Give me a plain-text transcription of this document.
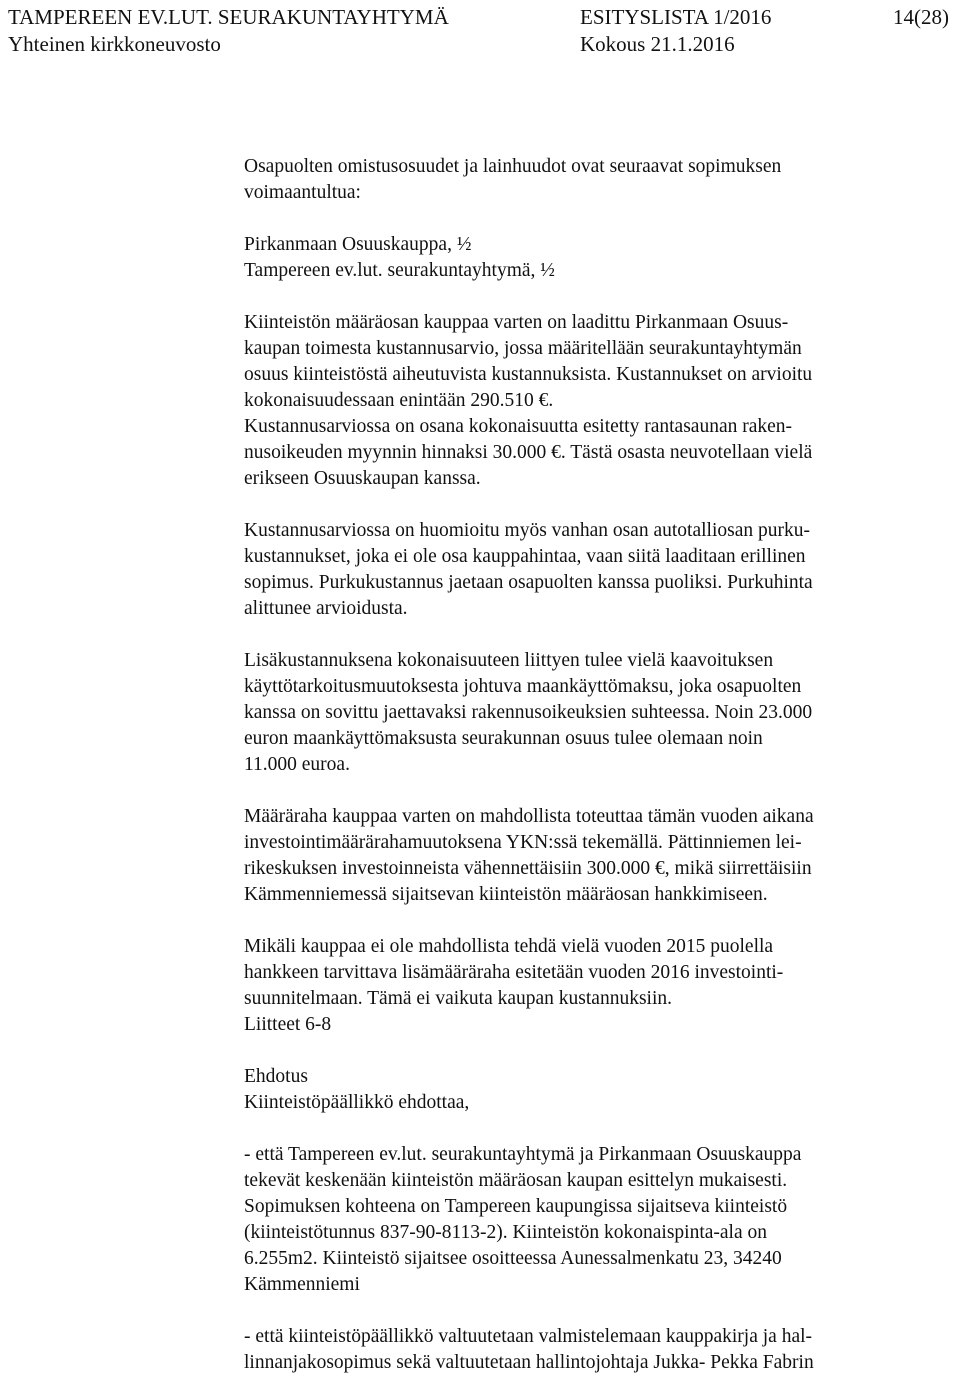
TAMPEREEN EV.LUT. SEURAKUNTAYHTYMÄ	ESITYSLISTA 1/2016	14(28)
Yhteinen kirkkoneuvosto	Kokous 21.1.2016
Osapuolten omistusosuudet ja lainhuudot ovat seuraavat sopimuksen
voimaantultua:
Pirkanmaan Osuuskauppa, ½
Tampereen ev.lut. seurakuntayhtymä, ½
Kiinteistön määräosan kauppaa varten on laadittu Pirkanmaan Osuus-
kaupan toimesta kustannusarvio, jossa määritellään seurakuntayhtymän
osuus kiinteistöstä aiheutuvista kustannuksista. Kustannukset on arvioitu
kokonaisuudessaan enintään 290.510 €.
Kustannusarviossa on osana kokonaisuutta esitetty rantasaunan raken-
nusoikeuden myynnin hinnaksi 30.000 €. Tästä osasta neuvotellaan vielä
erikseen Osuuskaupan kanssa.
Kustannusarviossa on huomioitu myös vanhan osan autotalliosan purku-
kustannukset, joka ei ole osa kauppahintaa, vaan siitä laaditaan erillinen
sopimus. Purkukustannus jaetaan osapuolten kanssa puoliksi. Purkuhinta
alittunee arvioidusta.
Lisäkustannuksena kokonaisuuteen liittyen tulee vielä kaavoituksen
käyttötarkoitusmuutoksesta johtuva maankäyttömaksu, joka osapuolten
kanssa on sovittu jaettavaksi rakennusoikeuksien suhteessa. Noin 23.000
euron maankäyttömaksusta seurakunnan osuus tulee olemaan noin
11.000 euroa.
Määräraha kauppaa varten on mahdollista toteuttaa tämän vuoden aikana
investointimäärärahamuutoksena YKN:ssä tekemällä. Pättinniemen lei-
rikeskuksen investoinneista vähennettäisiin 300.000 €, mikä siirrettäisiin
Kämmenniemessä sijaitsevan kiinteistön määräosan hankkimiseen.
Mikäli kauppaa ei ole mahdollista tehdä vielä vuoden 2015 puolella
hankkeen tarvittava lisämääräraha esitetään vuoden 2016 investointi-
suunnitelmaan. Tämä ei vaikuta kaupan kustannuksiin.
Liitteet 6-8
Ehdotus
Kiinteistöpäällikkö ehdottaa,
- että Tampereen ev.lut. seurakuntayhtymä ja Pirkanmaan Osuuskauppa
tekevät keskenään kiinteistön määräosan kaupan esittelyn mukaisesti.
Sopimuksen kohteena on Tampereen kaupungissa sijaitseva kiinteistö
(kiinteistötunnus 837-90-8113-2). Kiinteistön kokonaispinta-ala on
6.255m2. Kiinteistö sijaitsee osoitteessa Aunessalmenkatu 23, 34240
Kämmenniemi
- että kiinteistöpäällikkö valtuutetaan valmistelemaan kauppakirja ja hal-
linnanjakosopimus sekä valtuutetaan hallintojohtaja Jukka- Pekka Fabrin
